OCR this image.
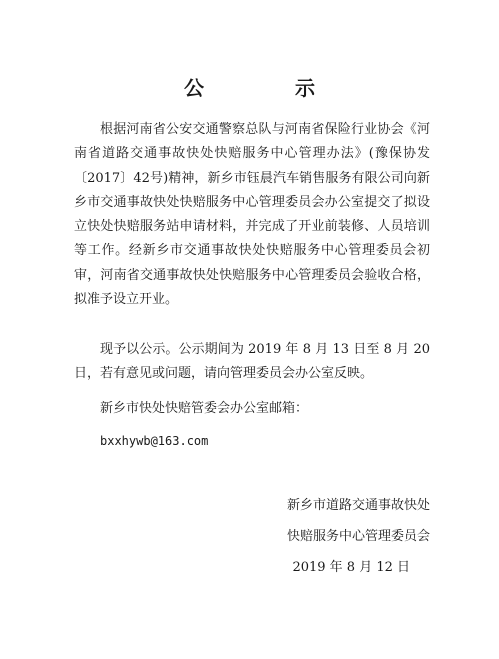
公 示

根据河南省公安交通警察总队与河南省保险行业协会《河南省道路交通事故快处快赔服务中心管理办法》(豫保协发〔2017〕42号)精神，新乡市钰晨汽车销售服务有限公司向新乡市交通事故快处快赔服务中心管理委员会办公室提交了拟设立快处快赔服务站申请材料，并完成了开业前装修、人员培训等工作。经新乡市交通事故快处快赔服务中心管理委员会初审，河南省交通事故快处快赔服务中心管理委员会验收合格，拟准予设立开业。

现予以公示。公示期间为 2019 年 8 月 13 日至 8 月 20 日，若有意见或问题，请向管理委员会办公室反映。

新乡市快处快赔管委会办公室邮箱：

bxxhywb@163.com

新乡市道路交通事故快处

快赔服务中心管理委员会

2019 年 8 月 12 日
